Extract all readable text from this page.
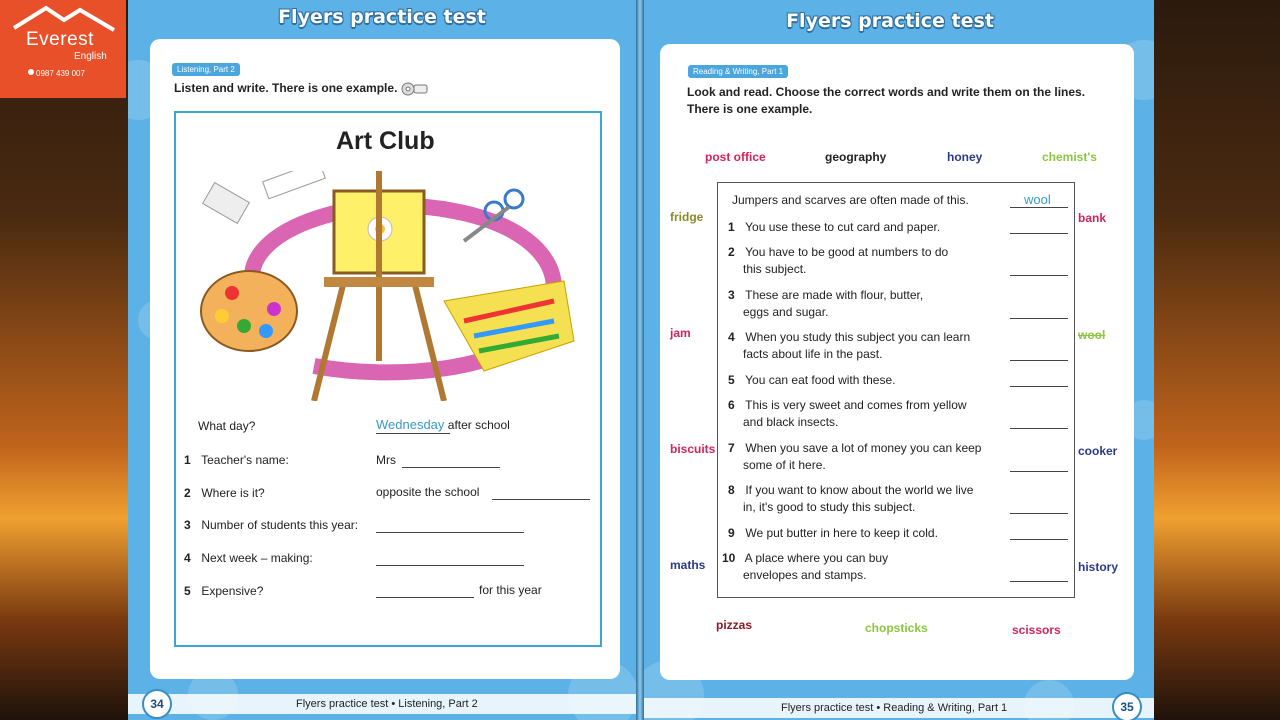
Everest
English
0987 439 007
Flyers practice test
Listening, Part 2
Listen and write. There is one example.
Art Club
What day?	Wednesday after school
1 Teacher's name:	Mrs
2 Where is it?	opposite the school
3 Number of students this year:
4 Next week – making:
5 Expensive?	for this year
Flyers practice test • Listening, Part 2
34
Flyers practice test
Reading & Writing, Part 1
Look and read. Choose the correct words and write them on the lines.
There is one example.
post office	geography	honey	chemist's
fridge
jam
biscuits
maths
bank
wool
cooker
history
pizzas	chopsticks	scissors
Jumpers and scarves are often made of this.	wool
1 You use these to cut card and paper.
2 You have to be good at numbers to do
this subject.
3 These are made with flour, butter,
eggs and sugar.
4 When you study this subject you can learn
facts about life in the past.
5 You can eat food with these.
6 This is very sweet and comes from yellow
and black insects.
7 When you save a lot of money you can keep
some of it here.
8 If you want to know about the world we live
in, it's good to study this subject.
9 We put butter in here to keep it cold.
10 A place where you can buy
envelopes and stamps.
Flyers practice test • Reading & Writing, Part 1	35
